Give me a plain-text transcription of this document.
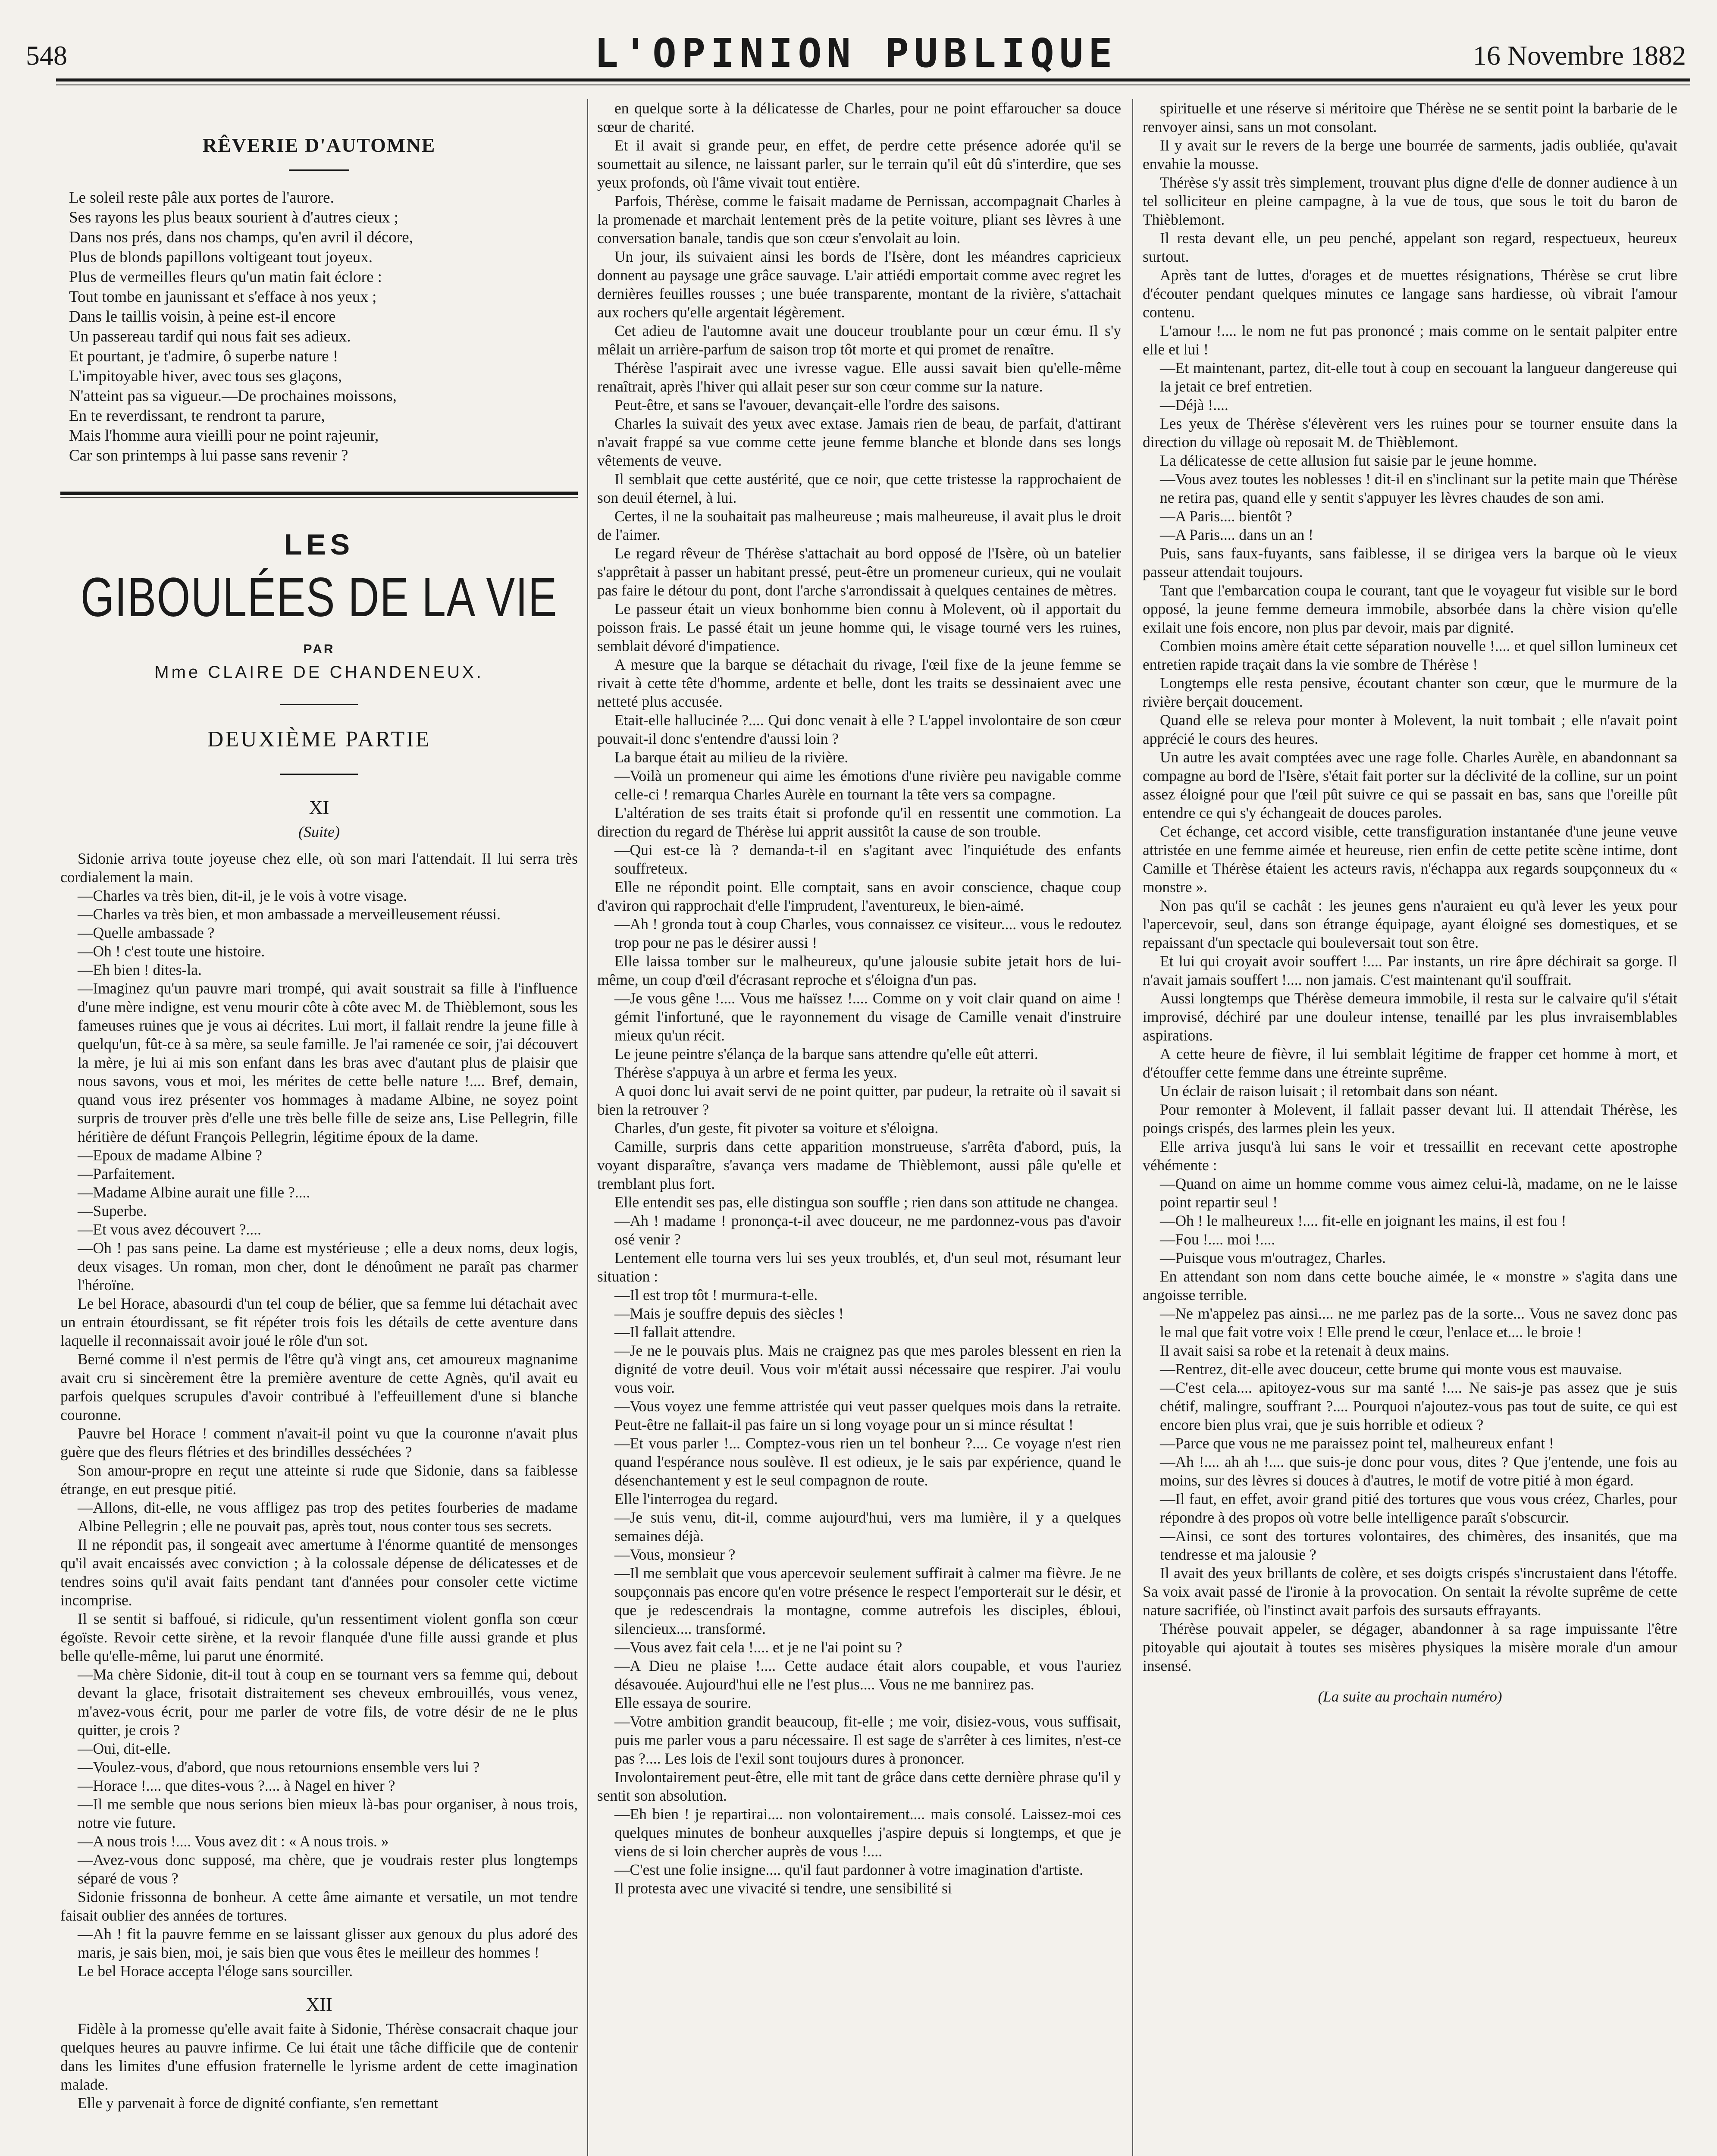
548	L'OPINION PUBLIQUE	16 Novembre 1882
RÊVERIE D'AUTOMNE
Le soleil reste pâle aux portes de l'aurore.
Ses rayons les plus beaux sourient à d'autres cieux ;
Dans nos prés, dans nos champs, qu'en avril il décore,
Plus de blonds papillons voltigeant tout joyeux.
Plus de vermeilles fleurs qu'un matin fait éclore :
Tout tombe en jaunissant et s'efface à nos yeux ;
Dans le taillis voisin, à peine est-il encore
Un passereau tardif qui nous fait ses adieux.
Et pourtant, je t'admire, ô superbe nature !
L'impitoyable hiver, avec tous ses glaçons,
N'atteint pas sa vigueur.—De prochaines moissons,
En te reverdissant, te rendront ta parure,
Mais l'homme aura vieilli pour ne point rajeunir,
Car son printemps à lui passe sans revenir ?
LES
GIBOULÉES DE LA VIE
PAR
Mme CLAIRE DE CHANDENEUX.
DEUXIÈME PARTIE
XI
(Suite)

Sidonie arriva toute joyeuse chez elle, où son mari l'attendait. Il lui serra très cordialement la main.

—Charles va très bien, dit-il, je le vois à votre visage.

—Charles va très bien, et mon ambassade a merveilleusement réussi.

—Quelle ambassade ?

—Oh ! c'est toute une histoire.

—Eh bien ! dites-la.

—Imaginez qu'un pauvre mari trompé, qui avait soustrait sa fille à l'influence d'une mère indigne, est venu mourir côte à côte avec M. de Thièblemont, sous les fameuses ruines que je vous ai décrites. Lui mort, il fallait rendre la jeune fille à quelqu'un, fût-ce à sa mère, sa seule famille. Je l'ai ramenée ce soir, j'ai découvert la mère, je lui ai mis son enfant dans les bras avec d'autant plus de plaisir que nous savons, vous et moi, les mérites de cette belle nature !.... Bref, demain, quand vous irez présenter vos hommages à madame Albine, ne soyez point surpris de trouver près d'elle une très belle fille de seize ans, Lise Pellegrin, fille héritière de défunt François Pellegrin, légitime époux de la dame.

—Epoux de madame Albine ?

—Parfaitement.

—Madame Albine aurait une fille ?....

—Superbe.

—Et vous avez découvert ?....

—Oh ! pas sans peine. La dame est mystérieuse ; elle a deux noms, deux logis, deux visages. Un roman, mon cher, dont le dénoûment ne paraît pas charmer l'héroïne.

Le bel Horace, abasourdi d'un tel coup de bélier, que sa femme lui détachait avec un entrain étourdissant, se fit répéter trois fois les détails de cette aventure dans laquelle il reconnaissait avoir joué le rôle d'un sot.

Berné comme il n'est permis de l'être qu'à vingt ans, cet amoureux magnanime avait cru si sincèrement être la première aventure de cette Agnès, qu'il avait eu parfois quelques scrupules d'avoir contribué à l'effeuillement d'une si blanche couronne.

Pauvre bel Horace ! comment n'avait-il point vu que la couronne n'avait plus guère que des fleurs flétries et des brindilles desséchées ?

Son amour-propre en reçut une atteinte si rude que Sidonie, dans sa faiblesse étrange, en eut presque pitié.

—Allons, dit-elle, ne vous affligez pas trop des petites fourberies de madame Albine Pellegrin ; elle ne pouvait pas, après tout, nous conter tous ses secrets.

Il ne répondit pas, il songeait avec amertume à l'énorme quantité de mensonges qu'il avait encaissés avec conviction ; à la colossale dépense de délicatesses et de tendres soins qu'il avait faits pendant tant d'années pour consoler cette victime incomprise.

Il se sentit si baffoué, si ridicule, qu'un ressentiment violent gonfla son cœur égoïste. Revoir cette sirène, et la revoir flanquée d'une fille aussi grande et plus belle qu'elle-même, lui parut une énormité.

—Ma chère Sidonie, dit-il tout à coup en se tournant vers sa femme qui, debout devant la glace, frisotait distraitement ses cheveux embrouillés, vous venez, m'avez-vous écrit, pour me parler de votre fils, de votre désir de ne le plus quitter, je crois ?

—Oui, dit-elle.

—Voulez-vous, d'abord, que nous retournions ensemble vers lui ?

—Horace !.... que dites-vous ?.... à Nagel en hiver ?

—Il me semble que nous serions bien mieux là-bas pour organiser, à nous trois, notre vie future.

—A nous trois !.... Vous avez dit : « A nous trois. »

—Avez-vous donc supposé, ma chère, que je voudrais rester plus longtemps séparé de vous ?

Sidonie frissonna de bonheur. A cette âme aimante et versatile, un mot tendre faisait oublier des années de tortures.

—Ah ! fit la pauvre femme en se laissant glisser aux genoux du plus adoré des maris, je sais bien, moi, je sais bien que vous êtes le meilleur des hommes !

Le bel Horace accepta l'éloge sans sourciller.

XII

Fidèle à la promesse qu'elle avait faite à Sidonie, Thérèse consacrait chaque jour quelques heures au pauvre infirme. Ce lui était une tâche difficile que de contenir dans les limites d'une effusion fraternelle le lyrisme ardent de cette imagination malade.

Elle y parvenait à force de dignité confiante, s'en remettant

en quelque sorte à la délicatesse de Charles, pour ne point effaroucher sa douce sœur de charité.

Et il avait si grande peur, en effet, de perdre cette présence adorée qu'il se soumettait au silence, ne laissant parler, sur le terrain qu'il eût dû s'interdire, que ses yeux profonds, où l'âme vivait tout entière.

Parfois, Thérèse, comme le faisait madame de Pernissan, accompagnait Charles à la promenade et marchait lentement près de la petite voiture, pliant ses lèvres à une conversation banale, tandis que son cœur s'envolait au loin.

Un jour, ils suivaient ainsi les bords de l'Isère, dont les méandres capricieux donnent au paysage une grâce sauvage. L'air attiédi emportait comme avec regret les dernières feuilles rousses ; une buée transparente, montant de la rivière, s'attachait aux rochers qu'elle argentait légèrement.

Cet adieu de l'automne avait une douceur troublante pour un cœur ému. Il s'y mêlait un arrière-parfum de saison trop tôt morte et qui promet de renaître.

Thérèse l'aspirait avec une ivresse vague. Elle aussi savait bien qu'elle-même renaîtrait, après l'hiver qui allait peser sur son cœur comme sur la nature.

Peut-être, et sans se l'avouer, devançait-elle l'ordre des saisons.

Charles la suivait des yeux avec extase. Jamais rien de beau, de parfait, d'attirant n'avait frappé sa vue comme cette jeune femme blanche et blonde dans ses longs vêtements de veuve.

Il semblait que cette austérité, que ce noir, que cette tristesse la rapprochaient de son deuil éternel, à lui.

Certes, il ne la souhaitait pas malheureuse ; mais malheureuse, il avait plus le droit de l'aimer.

Le regard rêveur de Thérèse s'attachait au bord opposé de l'Isère, où un batelier s'apprêtait à passer un habitant pressé, peut-être un promeneur curieux, qui ne voulait pas faire le détour du pont, dont l'arche s'arrondissait à quelques centaines de mètres.

Le passeur était un vieux bonhomme bien connu à Molevent, où il apportait du poisson frais. Le passé était un jeune homme qui, le visage tourné vers les ruines, semblait dévoré d'impatience.

A mesure que la barque se détachait du rivage, l'œil fixe de la jeune femme se rivait à cette tête d'homme, ardente et belle, dont les traits se dessinaient avec une netteté plus accusée.

Etait-elle hallucinée ?.... Qui donc venait à elle ? L'appel involontaire de son cœur pouvait-il donc s'entendre d'aussi loin ?

La barque était au milieu de la rivière.

—Voilà un promeneur qui aime les émotions d'une rivière peu navigable comme celle-ci ! remarqua Charles Aurèle en tournant la tête vers sa compagne.

L'altération de ses traits était si profonde qu'il en ressentit une commotion. La direction du regard de Thérèse lui apprit aussitôt la cause de son trouble.

—Qui est-ce là ? demanda-t-il en s'agitant avec l'inquiétude des enfants souffreteux.

Elle ne répondit point. Elle comptait, sans en avoir conscience, chaque coup d'aviron qui rapprochait d'elle l'imprudent, l'aventureux, le bien-aimé.

—Ah ! gronda tout à coup Charles, vous connaissez ce visiteur.... vous le redoutez trop pour ne pas le désirer aussi !

Elle laissa tomber sur le malheureux, qu'une jalousie subite jetait hors de lui-même, un coup d'œil d'écrasant reproche et s'éloigna d'un pas.

—Je vous gêne !.... Vous me haïssez !.... Comme on y voit clair quand on aime ! gémit l'infortuné, que le rayonnement du visage de Camille venait d'instruire mieux qu'un récit.

Le jeune peintre s'élança de la barque sans attendre qu'elle eût atterri.

Thérèse s'appuya à un arbre et ferma les yeux.

A quoi donc lui avait servi de ne point quitter, par pudeur, la retraite où il savait si bien la retrouver ?

Charles, d'un geste, fit pivoter sa voiture et s'éloigna.

Camille, surpris dans cette apparition monstrueuse, s'arrêta d'abord, puis, la voyant disparaître, s'avança vers madame de Thièblemont, aussi pâle qu'elle et tremblant plus fort.

Elle entendit ses pas, elle distingua son souffle ; rien dans son attitude ne changea.

—Ah ! madame ! prononça-t-il avec douceur, ne me pardonnez-vous pas d'avoir osé venir ?

Lentement elle tourna vers lui ses yeux troublés, et, d'un seul mot, résumant leur situation :

—Il est trop tôt ! murmura-t-elle.

—Mais je souffre depuis des siècles !

—Il fallait attendre.

—Je ne le pouvais plus. Mais ne craignez pas que mes paroles blessent en rien la dignité de votre deuil. Vous voir m'était aussi nécessaire que respirer. J'ai voulu vous voir.

—Vous voyez une femme attristée qui veut passer quelques mois dans la retraite. Peut-être ne fallait-il pas faire un si long voyage pour un si mince résultat !

—Et vous parler !... Comptez-vous rien un tel bonheur ?.... Ce voyage n'est rien quand l'espérance nous soulève. Il est odieux, je le sais par expérience, quand le désenchantement y est le seul compagnon de route.

Elle l'interrogea du regard.

—Je suis venu, dit-il, comme aujourd'hui, vers ma lumière, il y a quelques semaines déjà.

—Vous, monsieur ?

—Il me semblait que vous apercevoir seulement suffirait à calmer ma fièvre. Je ne soupçonnais pas encore qu'en votre présence le respect l'emporterait sur le désir, et que je redescendrais la montagne, comme autrefois les disciples, ébloui, silencieux.... transformé.

—Vous avez fait cela !.... et je ne l'ai point su ?

—A Dieu ne plaise !.... Cette audace était alors coupable, et vous l'auriez désavouée. Aujourd'hui elle ne l'est plus.... Vous ne me bannirez pas.

Elle essaya de sourire.

—Votre ambition grandit beaucoup, fit-elle ; me voir, disiez-vous, vous suffisait, puis me parler vous a paru nécessaire. Il est sage de s'arrêter à ces limites, n'est-ce pas ?.... Les lois de l'exil sont toujours dures à prononcer.

Involontairement peut-être, elle mit tant de grâce dans cette dernière phrase qu'il y sentit son absolution.

—Eh bien ! je repartirai.... non volontairement.... mais consolé. Laissez-moi ces quelques minutes de bonheur auxquelles j'aspire depuis si longtemps, et que je viens de si loin chercher auprès de vous !....

—C'est une folie insigne.... qu'il faut pardonner à votre imagination d'artiste.

Il protesta avec une vivacité si tendre, une sensibilité si

spirituelle et une réserve si méritoire que Thérèse ne se sentit point la barbarie de le renvoyer ainsi, sans un mot consolant.

Il y avait sur le revers de la berge une bourrée de sarments, jadis oubliée, qu'avait envahie la mousse.

Thérèse s'y assit très simplement, trouvant plus digne d'elle de donner audience à un tel solliciteur en pleine campagne, à la vue de tous, que sous le toit du baron de Thièblemont.

Il resta devant elle, un peu penché, appelant son regard, respectueux, heureux surtout.

Après tant de luttes, d'orages et de muettes résignations, Thérèse se crut libre d'écouter pendant quelques minutes ce langage sans hardiesse, où vibrait l'amour contenu.

L'amour !.... le nom ne fut pas prononcé ; mais comme on le sentait palpiter entre elle et lui !

—Et maintenant, partez, dit-elle tout à coup en secouant la langueur dangereuse qui la jetait ce bref entretien.

—Déjà !....

Les yeux de Thérèse s'élevèrent vers les ruines pour se tourner ensuite dans la direction du village où reposait M. de Thièblemont.

La délicatesse de cette allusion fut saisie par le jeune homme.

—Vous avez toutes les noblesses ! dit-il en s'inclinant sur la petite main que Thérèse ne retira pas, quand elle y sentit s'appuyer les lèvres chaudes de son ami.

—A Paris.... bientôt ?

—A Paris.... dans un an !

Puis, sans faux-fuyants, sans faiblesse, il se dirigea vers la barque où le vieux passeur attendait toujours.

Tant que l'embarcation coupa le courant, tant que le voyageur fut visible sur le bord opposé, la jeune femme demeura immobile, absorbée dans la chère vision qu'elle exilait une fois encore, non plus par devoir, mais par dignité.

Combien moins amère était cette séparation nouvelle !.... et quel sillon lumineux cet entretien rapide traçait dans la vie sombre de Thérèse !

Longtemps elle resta pensive, écoutant chanter son cœur, que le murmure de la rivière berçait doucement.

Quand elle se releva pour monter à Molevent, la nuit tombait ; elle n'avait point apprécié le cours des heures.

Un autre les avait comptées avec une rage folle. Charles Aurèle, en abandonnant sa compagne au bord de l'Isère, s'était fait porter sur la déclivité de la colline, sur un point assez éloigné pour que l'œil pût suivre ce qui se passait en bas, sans que l'oreille pût entendre ce qui s'y échangeait de douces paroles.

Cet échange, cet accord visible, cette transfiguration instantanée d'une jeune veuve attristée en une femme aimée et heureuse, rien enfin de cette petite scène intime, dont Camille et Thérèse étaient les acteurs ravis, n'échappa aux regards soupçonneux du « monstre ».

Non pas qu'il se cachât : les jeunes gens n'auraient eu qu'à lever les yeux pour l'apercevoir, seul, dans son étrange équipage, ayant éloigné ses domestiques, et se repaissant d'un spectacle qui bouleversait tout son être.

Et lui qui croyait avoir souffert !.... Par instants, un rire âpre déchirait sa gorge. Il n'avait jamais souffert !.... non jamais. C'est maintenant qu'il souffrait.

Aussi longtemps que Thérèse demeura immobile, il resta sur le calvaire qu'il s'était improvisé, déchiré par une douleur intense, tenaillé par les plus invraisemblables aspirations.

A cette heure de fièvre, il lui semblait légitime de frapper cet homme à mort, et d'étouffer cette femme dans une étreinte suprême.

Un éclair de raison luisait ; il retombait dans son néant.

Pour remonter à Molevent, il fallait passer devant lui. Il attendait Thérèse, les poings crispés, des larmes plein les yeux.

Elle arriva jusqu'à lui sans le voir et tressaillit en recevant cette apostrophe véhémente :

—Quand on aime un homme comme vous aimez celui-là, madame, on ne le laisse point repartir seul !

—Oh ! le malheureux !.... fit-elle en joignant les mains, il est fou !

—Fou !.... moi !....

—Puisque vous m'outragez, Charles.

En attendant son nom dans cette bouche aimée, le « monstre » s'agita dans une angoisse terrible.

—Ne m'appelez pas ainsi.... ne me parlez pas de la sorte... Vous ne savez donc pas le mal que fait votre voix ! Elle prend le cœur, l'enlace et.... le broie !

Il avait saisi sa robe et la retenait à deux mains.

—Rentrez, dit-elle avec douceur, cette brume qui monte vous est mauvaise.

—C'est cela.... apitoyez-vous sur ma santé !.... Ne sais-je pas assez que je suis chétif, malingre, souffrant ?.... Pourquoi n'ajoutez-vous pas tout de suite, ce qui est encore bien plus vrai, que je suis horrible et odieux ?

—Parce que vous ne me paraissez point tel, malheureux enfant !

—Ah !.... ah ah !.... que suis-je donc pour vous, dites ? Que j'entende, une fois au moins, sur des lèvres si douces à d'autres, le motif de votre pitié à mon égard.

—Il faut, en effet, avoir grand pitié des tortures que vous vous créez, Charles, pour répondre à des propos où votre belle intelligence paraît s'obscurcir.

—Ainsi, ce sont des tortures volontaires, des chimères, des insanités, que ma tendresse et ma jalousie ?

Il avait des yeux brillants de colère, et ses doigts crispés s'incrustaient dans l'étoffe. Sa voix avait passé de l'ironie à la provocation. On sentait la révolte suprême de cette nature sacrifiée, où l'instinct avait parfois des sursauts effrayants.

Thérèse pouvait appeler, se dégager, abandonner à sa rage impuissante l'être pitoyable qui ajoutait à toutes ses misères physiques la misère morale d'un amour insensé.

(La suite au prochain numéro)
